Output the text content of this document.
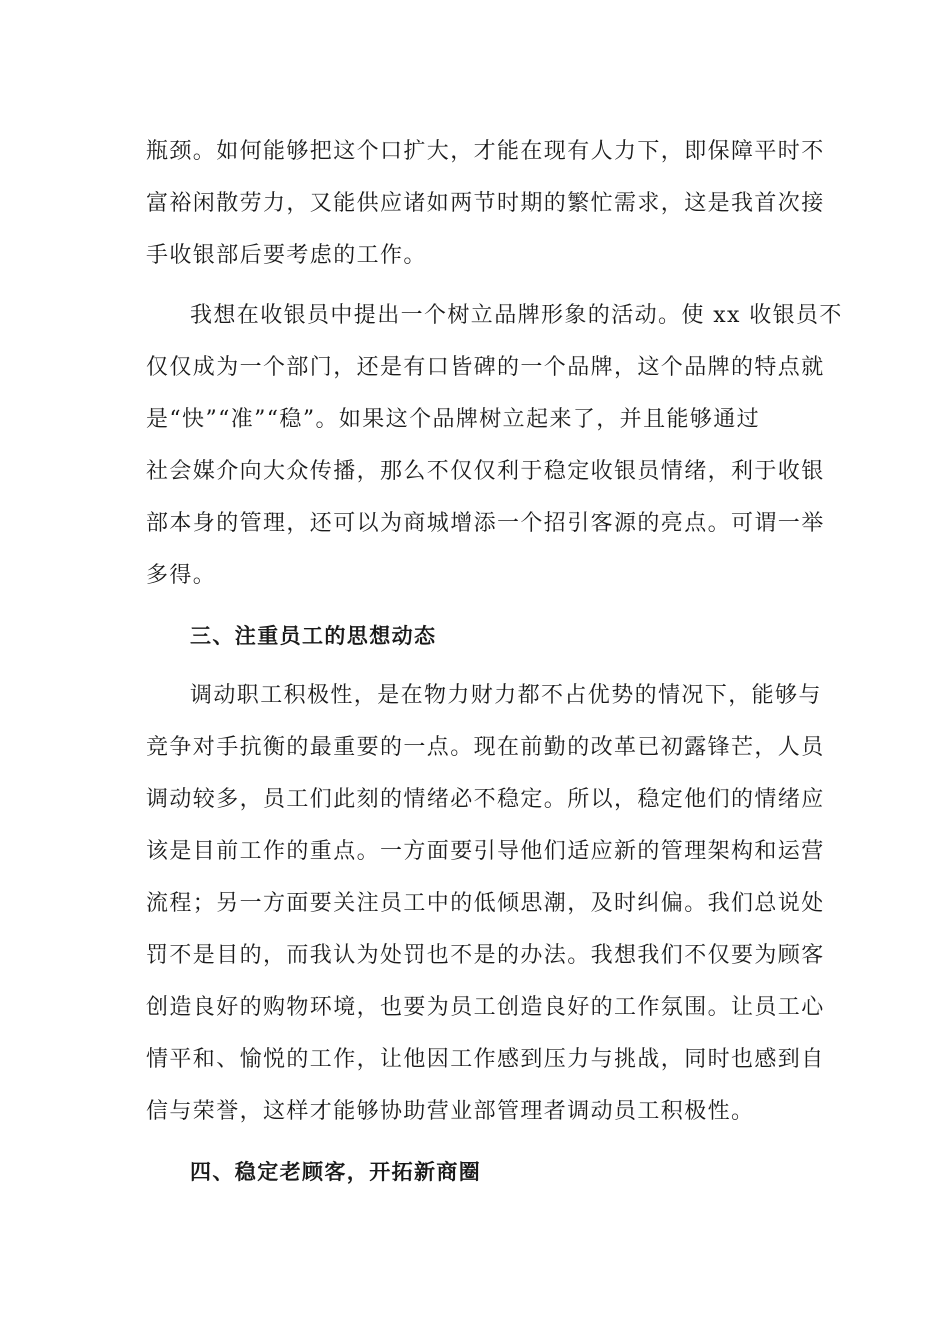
瓶颈。如何能够把这个口扩大，才能在现有人力下，即保障平时不

富裕闲散劳力，又能供应诸如两节时期的繁忙需求，这是我首次接

手收银部后要考虑的工作。

我想在收银员中提出一个树立品牌形象的活动。使 xx 收银员不

仅仅成为一个部门，还是有口皆碑的一个品牌，这个品牌的特点就

是“快”“准”“稳”。如果这个品牌树立起来了，并且能够通过

社会媒介向大众传播，那么不仅仅利于稳定收银员情绪，利于收银

部本身的管理，还可以为商城增添一个招引客源的亮点。可谓一举

多得。

三、注重员工的思想动态

调动职工积极性，是在物力财力都不占优势的情况下，能够与

竞争对手抗衡的最重要的一点。现在前勤的改革已初露锋芒，人员

调动较多，员工们此刻的情绪必不稳定。所以，稳定他们的情绪应

该是目前工作的重点。一方面要引导他们适应新的管理架构和运营

流程；另一方面要关注员工中的低倾思潮，及时纠偏。我们总说处

罚不是目的，而我认为处罚也不是的办法。我想我们不仅要为顾客

创造良好的购物环境，也要为员工创造良好的工作氛围。让员工心

情平和、愉悦的工作，让他因工作感到压力与挑战，同时也感到自

信与荣誉，这样才能够协助营业部管理者调动员工积极性。

四、稳定老顾客，开拓新商圈
